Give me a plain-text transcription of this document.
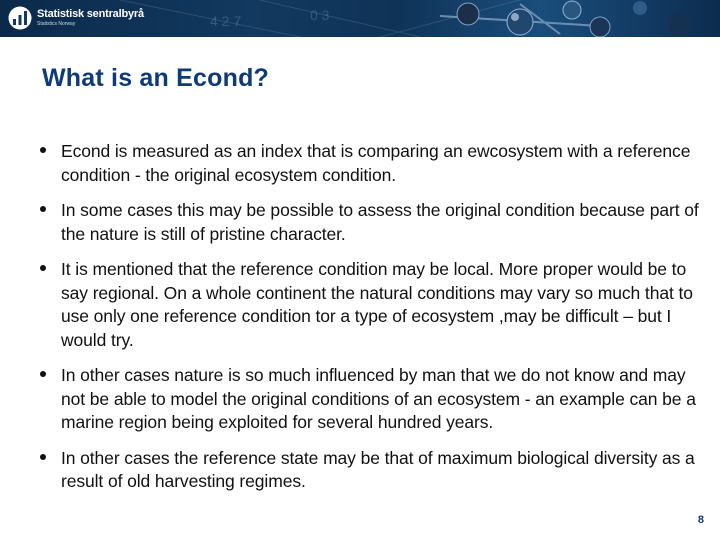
4 2 7	0 3
Statistisk sentralbyrå
Statistics Norway
What is an Econd?
Econd is measured as an index that is comparing an ewcosystem with a reference condition - the original ecosystem condition.
In some cases this may be possible to assess the original condition because part of the nature is still of pristine character.
It is mentioned that the reference condition may be local. More proper would be to say regional. On a whole continent the natural conditions may vary so much that to use only one reference condition tor a type of ecosystem ,may be difficult – but I would try.
In other cases nature is so much influenced by man that we do not know and may not be able to model the original conditions of an ecosystem - an example can be a marine region being exploited for several hundred years.
In other cases the reference state may be that of maximum biological diversity as a result of old harvesting regimes.
8
